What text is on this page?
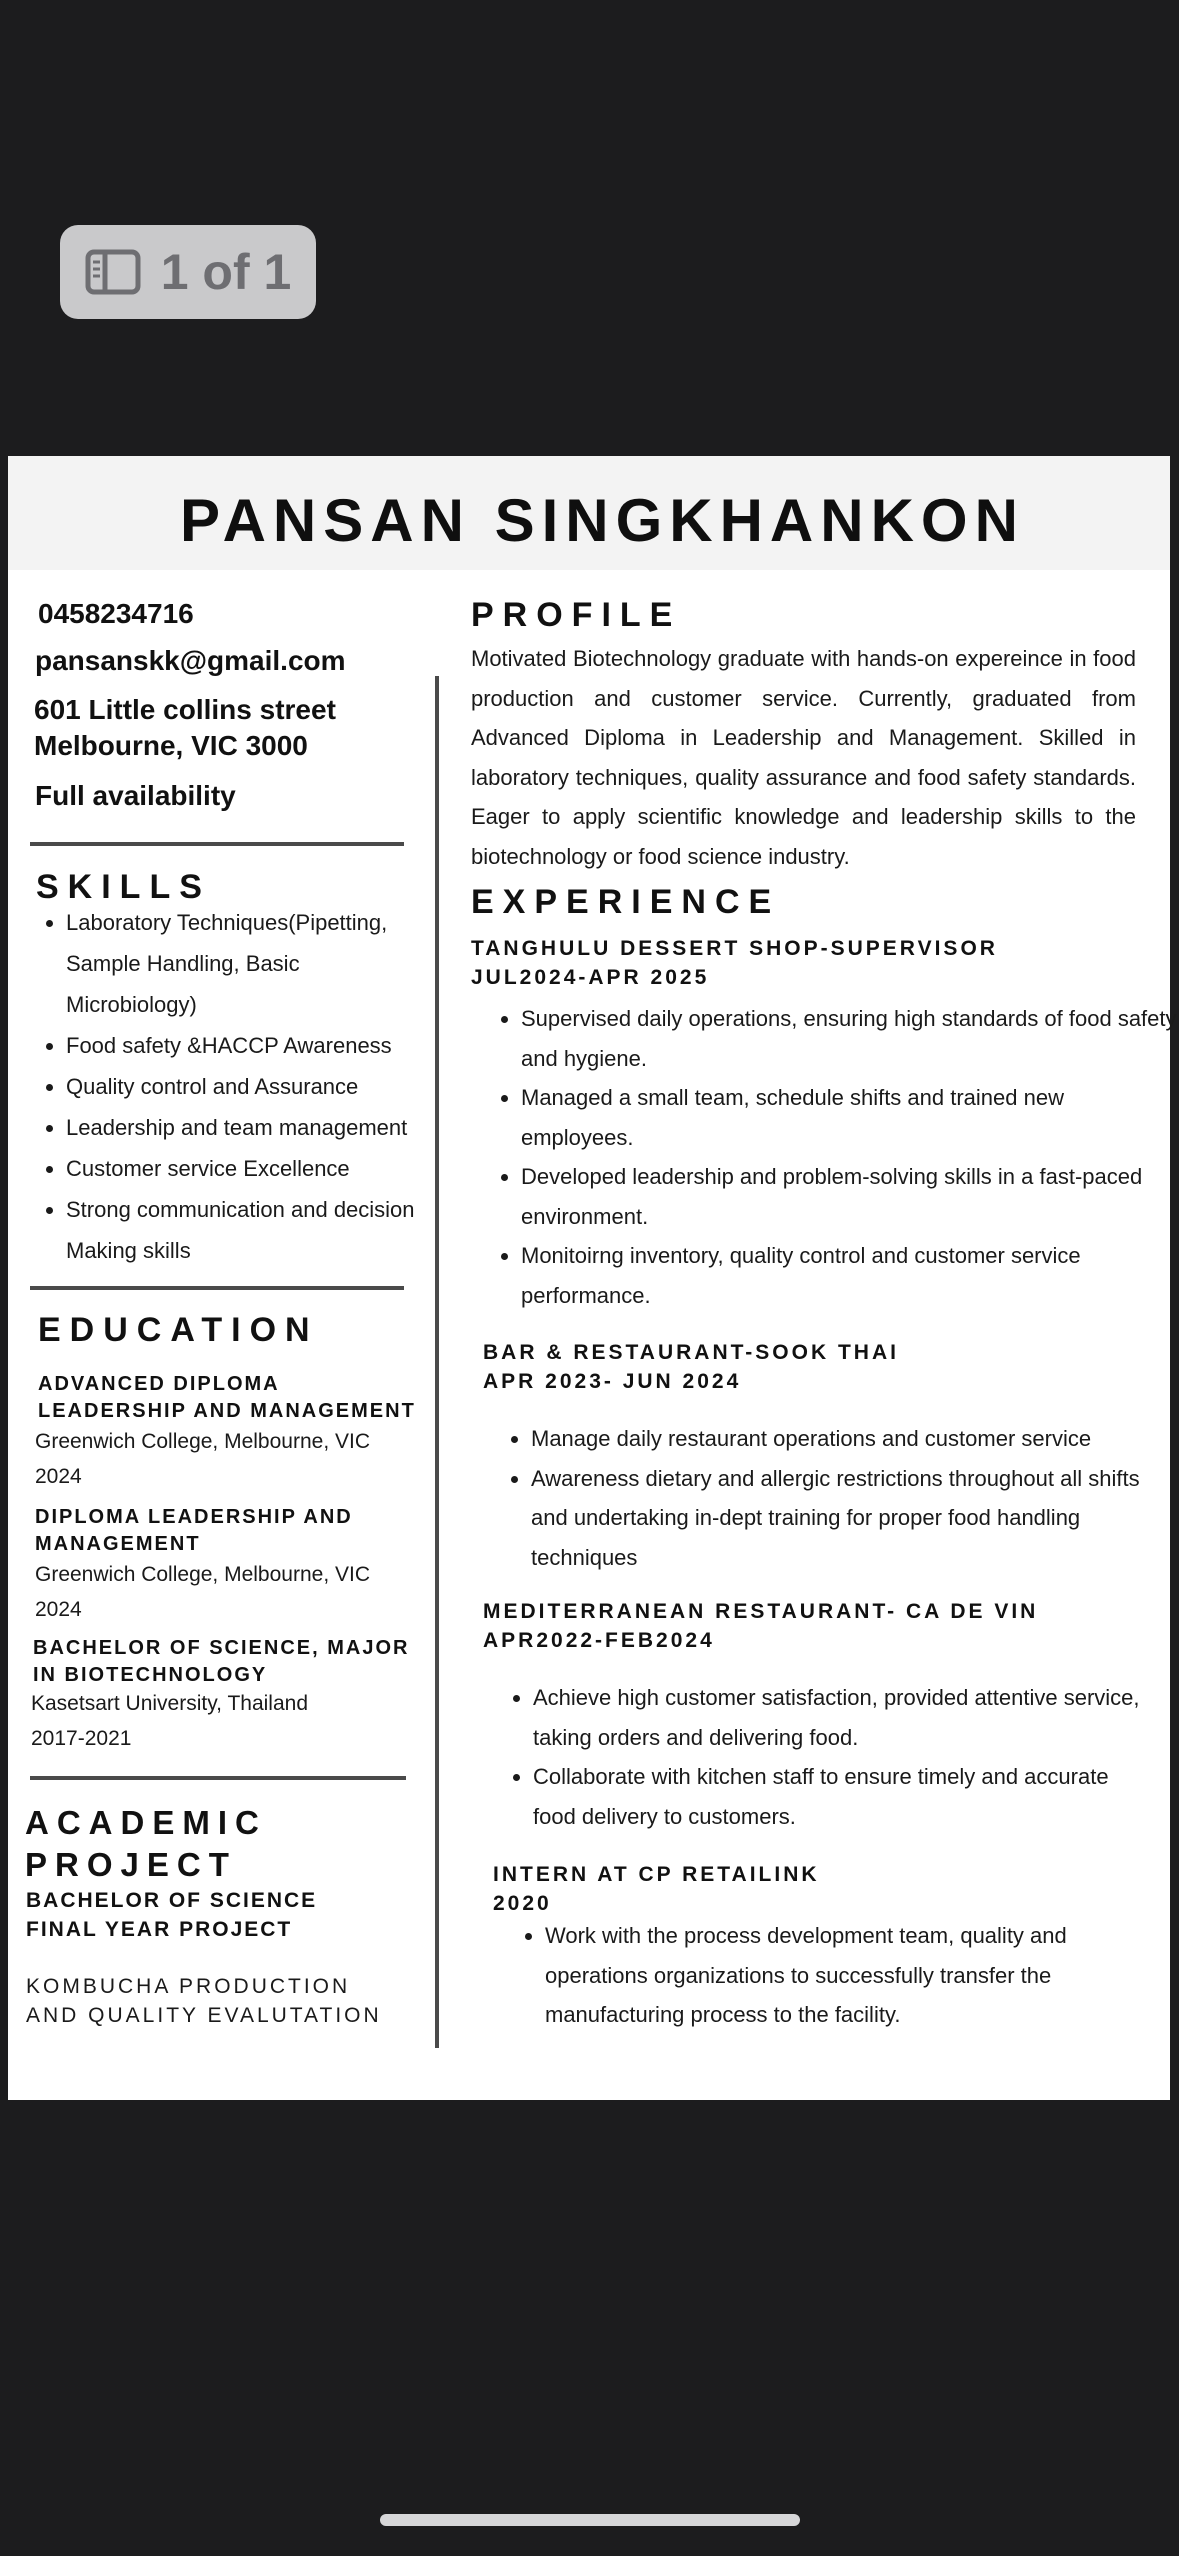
1 of 1
PANSAN SINGKHANKON
0458234716
pansanskk@gmail.com
601 Little collins street
Melbourne, VIC 3000
Full availability
SKILLS
• Laboratory Techniques(Pipetting, Sample Handling, Basic Microbiology)
• Food safety &HACCP Awareness
• Quality control and Assurance
• Leadership and team management
• Customer service Excellence
• Strong communication and decision Making skills
EDUCATION
ADVANCED DIPLOMA
LEADERSHIP AND MANAGEMENT
Greenwich College, Melbourne, VIC
2024
DIPLOMA LEADERSHIP AND
MANAGEMENT
Greenwich College, Melbourne, VIC
2024
BACHELOR OF SCIENCE, MAJOR
IN BIOTECHNOLOGY
Kasetsart University, Thailand
2017-2021
ACADEMIC
PROJECT
BACHELOR OF SCIENCE
FINAL YEAR PROJECT
KOMBUCHA PRODUCTION
AND QUALITY EVALUTATION
PROFILE
Motivated Biotechnology graduate with hands-on expereince in food production and customer service. Currently, graduated from Advanced Diploma in Leadership and Management. Skilled in laboratory techniques, quality assurance and food safety standards. Eager to apply scientific knowledge and leadership skills to the biotechnology or food science industry.
EXPERIENCE
TANGHULU DESSERT SHOP-SUPERVISOR
JUL2024-APR 2025
• Supervised daily operations, ensuring high standards of food safety and hygiene.
• Managed a small team, schedule shifts and trained new employees.
• Developed leadership and problem-solving skills in a fast-paced environment.
• Monitoirng inventory, quality control and customer service performance.
BAR & RESTAURANT-SOOK THAI
APR 2023- JUN 2024
• Manage daily restaurant operations and customer service
• Awareness dietary and allergic restrictions throughout all shifts and undertaking in-dept training for proper food handling techniques
MEDITERRANEAN RESTAURANT- CA DE VIN
APR2022-FEB2024
• Achieve high customer satisfaction, provided attentive service, taking orders and delivering food.
• Collaborate with kitchen staff to ensure timely and accurate food delivery to customers.
INTERN AT CP RETAILINK
2020
• Work with the process development team, quality and operations organizations to successfully transfer the manufacturing process to the facility.
